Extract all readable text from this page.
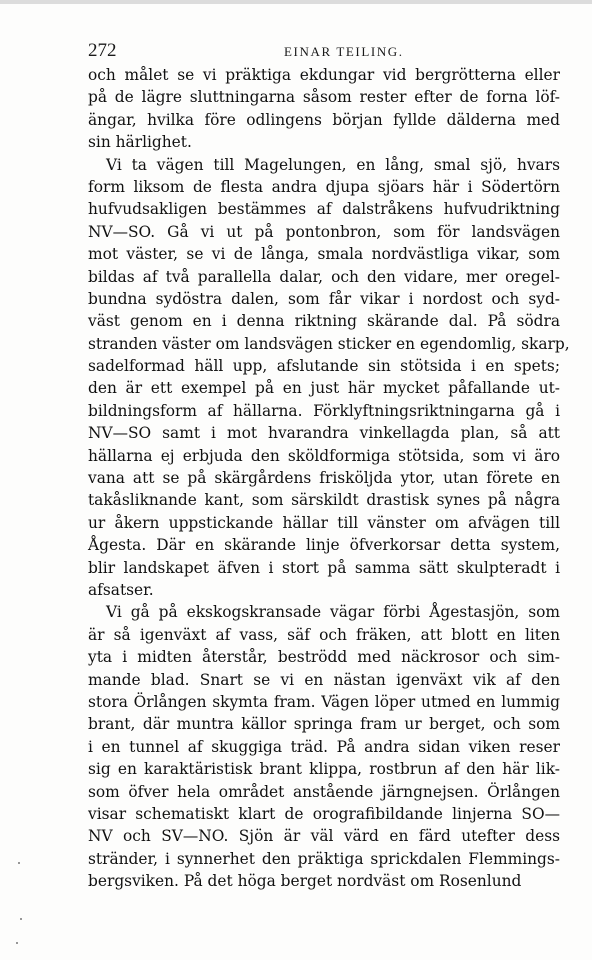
272	EINAR TEILING.
och målet se vi präktiga ekdungar vid bergrötterna eller
på de lägre sluttningarna såsom rester efter de forna löf-
ängar, hvilka före odlingens början fyllde dälderna med
sin härlighet.
Vi ta vägen till Magelungen, en lång, smal sjö, hvars
form liksom de flesta andra djupa sjöars här i Södertörn
hufvudsakligen bestämmes af dalstråkens hufvudriktning
NV—SO. Gå vi ut på pontonbron, som för landsvägen
mot väster, se vi de långa, smala nordvästliga vikar, som
bildas af två parallella dalar, och den vidare, mer oregel-
bundna sydöstra dalen, som får vikar i nordost och syd-
väst genom en i denna riktning skärande dal. På södra
stranden väster om landsvägen sticker en egendomlig, skarp,
sadelformad häll upp, afslutande sin stötsida i en spets;
den är ett exempel på en just här mycket påfallande ut-
bildningsform af hällarna. Förklyftningsriktningarna gå i
NV—SO samt i mot hvarandra vinkellagda plan, så att
hällarna ej erbjuda den sköldformiga stötsida, som vi äro
vana att se på skärgårdens frisköljda ytor, utan förete en
takåsliknande kant, som särskildt drastisk synes på några
ur åkern uppstickande hällar till vänster om afvägen till
Ågesta. Där en skärande linje öfverkorsar detta system,
blir landskapet äfven i stort på samma sätt skulpteradt i
afsatser.
Vi gå på ekskogskransade vägar förbi Ågestasjön, som
är så igenväxt af vass, säf och fräken, att blott en liten
yta i midten återstår, beströdd med näckrosor och sim-
mande blad. Snart se vi en nästan igenväxt vik af den
stora Örlången skymta fram. Vägen löper utmed en lummig
brant, där muntra källor springa fram ur berget, och som
i en tunnel af skuggiga träd. På andra sidan viken reser
sig en karaktäristisk brant klippa, rostbrun af den här lik-
som öfver hela området anstående järngnejsen. Örlången
visar schematiskt klart de orografibildande linjerna SO—
NV och SV—NO. Sjön är väl värd en färd utefter dess
stränder, i synnerhet den präktiga sprickdalen Flemmings-
bergsviken. På det höga berget nordväst om Rosenlund
